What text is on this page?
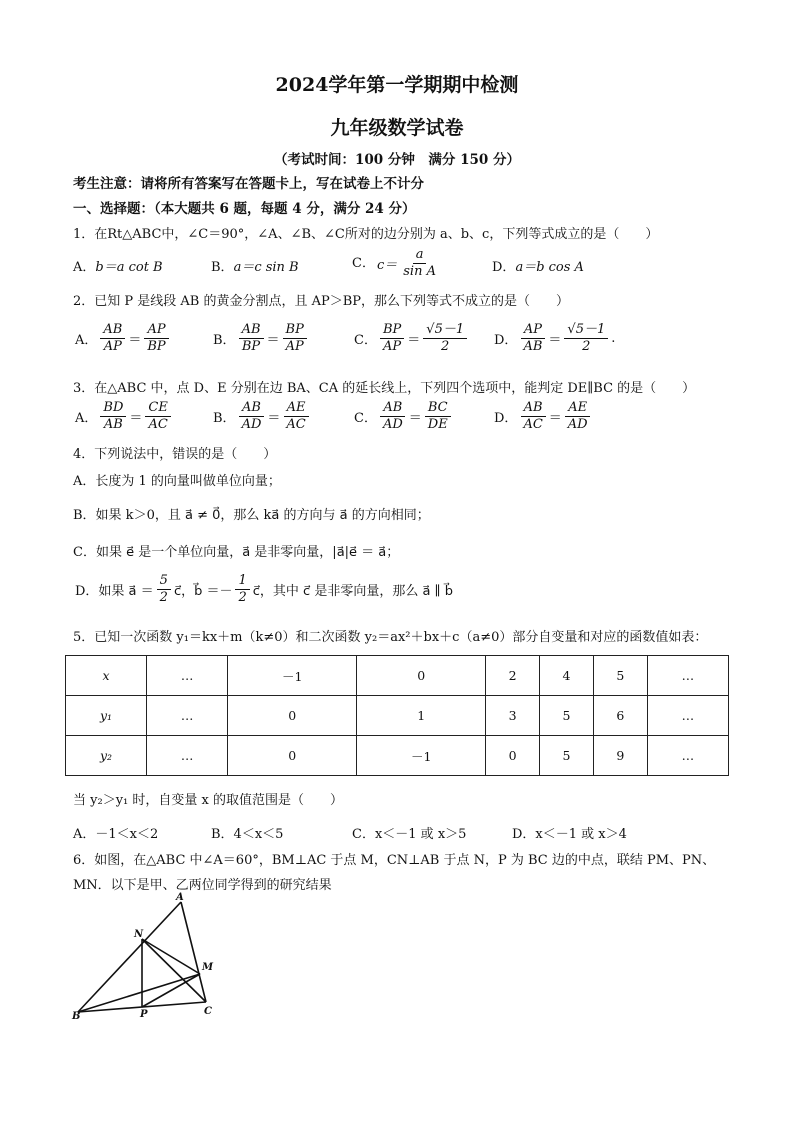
2024学年第一学期期中检测
九年级数学试卷
（考试时间：100 分钟　满分 150 分）
考生注意：请将所有答案写在答题卡上，写在试卷上不计分
一、选择题：（本大题共 6 题，每题 4 分，满分 24 分）
1．在Rt△ABC中，∠C＝90°，∠A、∠B、∠C所对的边分别为 a、b、c，下列等式成立的是（　　）
A．b＝a cot B	B．a＝c sin B	C． $c= \frac{a}{\text{sin A}}$	D．a＝b cos A
2．已知 P 是线段 AB 的黄金分割点，且 AP＞BP，那么下列等式不成立的是（　　）
A． $\frac{AB}{AP} = \frac{AP}{BP}$	B． $\frac{AB}{BP} = \frac{BP}{AP}$	C． $\frac{BP}{AP} = \frac{√5-1}{2}$ D． $\frac{AP}{AB} = \frac{√5-1}{2}$ .
3．在△ABC 中，点 D、E 分别在边 BA、CA 的延长线上，下列四个选项中，能判定 DE∥BC 的是（　　）
A． $\frac{BD}{AB} = \frac{CE}{AC}$	B． $\frac{AB}{AD} = \frac{AE}{AC}$	C． $\frac{AB}{AD} = \frac{BC}{DE}$	D． $\frac{AB}{AC} = \frac{AE}{AD}$
4．下列说法中，错误的是（　　）
A．长度为 1 的向量叫做单位向量；
B．如果 k＞0，且 a⃗ ≠ 0⃗，那么 ka⃗ 的方向与 a⃗ 的方向相同；
C．如果 e⃗ 是一个单位向量，a⃗ 是非零向量，|a⃗|e⃗ ＝ a⃗；
D．如果 a⃗ ＝ $\frac{5}{2}$ c⃗，b⃗ ＝－ $\frac{1}{2}$ c⃗，其中 c⃗ 是非零向量，那么 a⃗ ∥ b⃗
5．已知一次函数 y₁＝kx＋m（k≠0）和二次函数 y₂＝ax²＋bx＋c（a≠0）部分自变量和对应的函数值如表：
x	…	－1	0	2	4	5	…
y₁	…	0	1	3	5	6	…
y₂	…	0	－1	0	5	9	…
当 y₂＞y₁ 时，自变量 x 的取值范围是（　　）
A．－1＜x＜2	B．4＜x＜5	C．x＜－1 或 x＞5	D．x＜－1 或 x＞4
6．如图，在△ABC 中∠A＝60°，BM⊥AC 于点 M，CN⊥AB 于点 N，P 为 BC 边的中点，联结 PM、PN、
MN．以下是甲、乙两位同学得到的研究结果
A
N
M
B	P	C
